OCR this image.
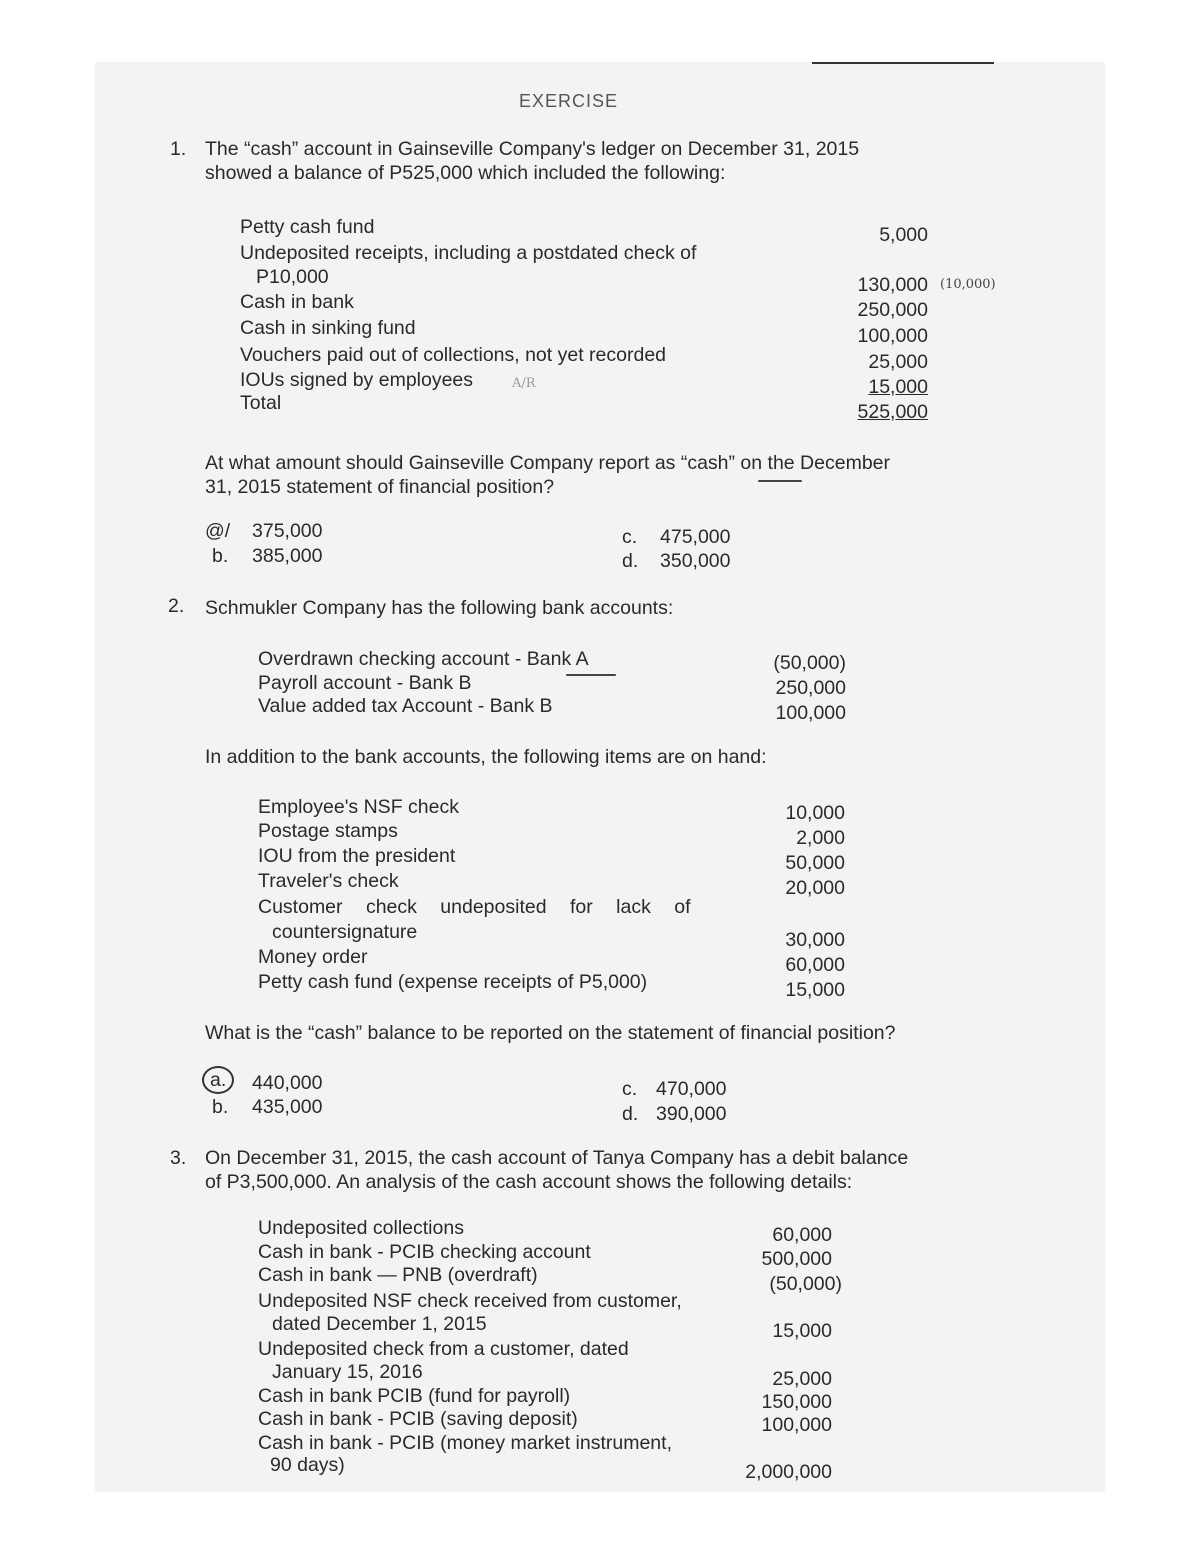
EXERCISE
1. The “cash” account in Gainseville Company's ledger on December 31, 2015
showed a balance of P525,000 which included the following:
Petty cash fund	5,000
Undeposited receipts, including a postdated check of
P10,000	130,000 (10,000)
Cash in bank	250,000
Cash in sinking fund	100,000
Vouchers paid out of collections, not yet recorded	25,000
IOUs signed by employees	A/R	15,000
Total	525,000
At what amount should Gainseville Company report as “cash” on the December
31, 2015 statement of financial position?
@/ 375,000
b. 385,000
c. 475,000
d. 350,000
2. Schmukler Company has the following bank accounts:
Overdrawn checking account - Bank A	(50,000)
Payroll account - Bank B	250,000
Value added tax Account - Bank B	100,000
In addition to the bank accounts, the following items are on hand:
Employee's NSF check	10,000
Postage stamps	2,000
IOU from the president	50,000
Traveler's check	20,000
Customer check undeposited for lack of
countersignature	30,000
Money order	60,000
Petty cash fund (expense receipts of P5,000)	15,000
What is the “cash” balance to be reported on the statement of financial position?
a. 440,000
b. 435,000
c. 470,000
d. 390,000
3. On December 31, 2015, the cash account of Tanya Company has a debit balance
of P3,500,000. An analysis of the cash account shows the following details:
Undeposited collections	60,000
Cash in bank - PCIB checking account	500,000
Cash in bank — PNB (overdraft)	(50,000)
Undeposited NSF check received from customer,
dated December 1, 2015	15,000
Undeposited check from a customer, dated
January 15, 2016	25,000
Cash in bank PCIB (fund for payroll)	150,000
Cash in bank - PCIB (saving deposit)	100,000
Cash in bank - PCIB (money market instrument,
90 days)	2,000,000
